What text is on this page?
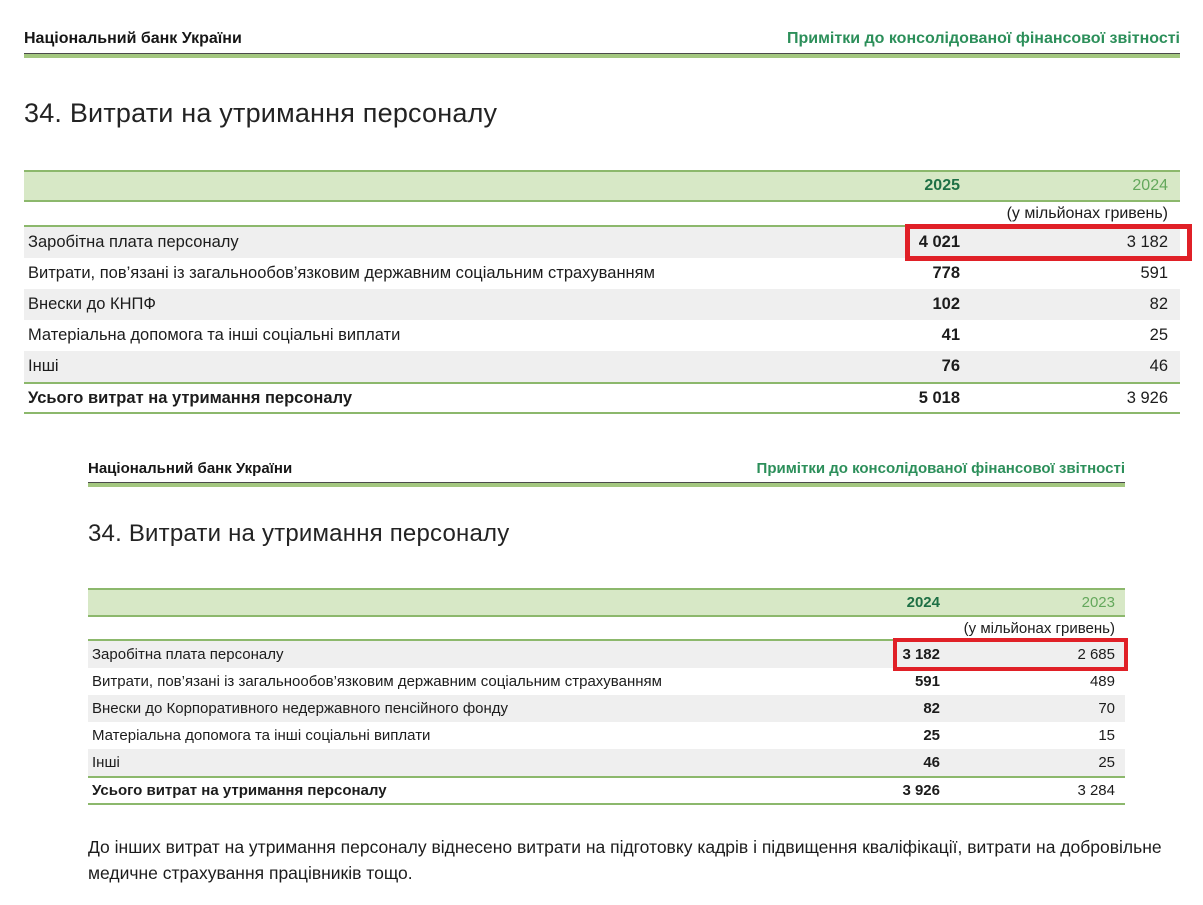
Національний банк України	Примітки до консолідованої фінансової звітності
34. Витрати на утримання персоналу
2025	2024
(у мільйонах гривень)
Заробітна плата персоналу	4 021	3 182
Витрати, пов’язані із загальнообов’язковим державним соціальним страхуванням	778	591
Внески до КНПФ	102	82
Матеріальна допомога та інші соціальні виплати	41	25
Інші	76	46
Усього витрат на утримання персоналу	5 018	3 926
Національний банк України	Примітки до консолідованої фінансової звітності
34. Витрати на утримання персоналу
2024	2023
(у мільйонах гривень)
Заробітна плата персоналу	3 182	2 685
Витрати, пов’язані із загальнообов’язковим державним соціальним страхуванням	591	489
Внески до Корпоративного недержавного пенсійного фонду	82	70
Матеріальна допомога та інші соціальні виплати	25	15
Інші	46	25
Усього витрат на утримання персоналу	3 926	3 284

До інших витрат на утримання персоналу віднесено витрати на підготовку кадрів і підвищення кваліфікації, витрати на добровільне медичне страхування працівників тощо.
